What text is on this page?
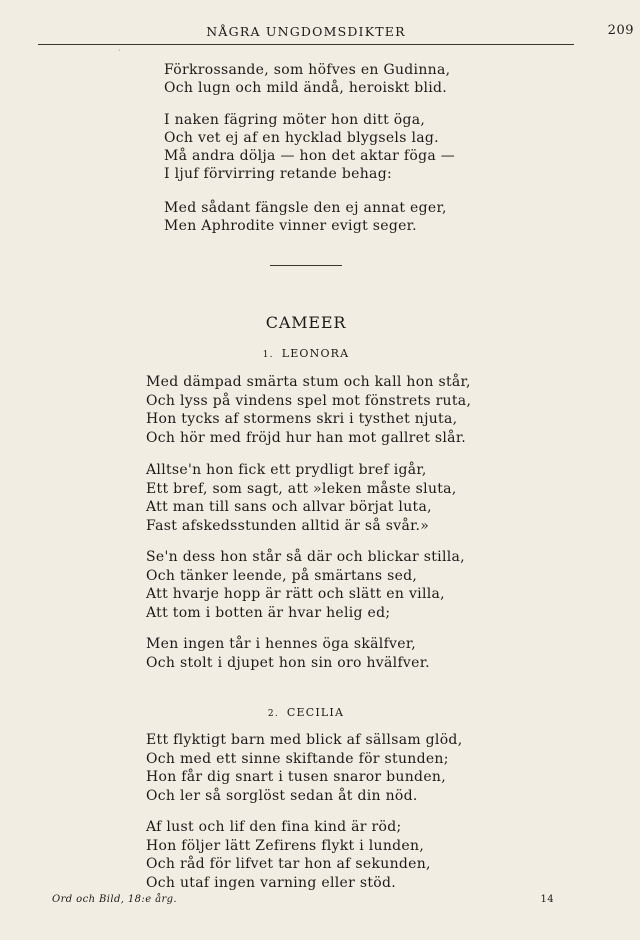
NÅGRA UNGDOMSDIKTER	209
‘
Förkrossande, som höfves en Gudinna,
Och lugn och mild ändå, heroiskt blid.
I naken fägring möter hon ditt öga,
Och vet ej af en hycklad blygsels lag.
Må andra dölja — hon det aktar föga —
I ljuf förvirring retande behag:
Med sådant fängsle den ej annat eger,
Men Aphrodite vinner evigt seger.
CAMEER
1. LEONORA
Med dämpad smärta stum och kall hon står,
Och lyss på vindens spel mot fönstrets ruta,
Hon tycks af stormens skri i tysthet njuta,
Och hör med fröjd hur han mot gallret slår.
Alltse'n hon fick ett prydligt bref igår,
Ett bref, som sagt, att »leken måste sluta,
Att man till sans och allvar börjat luta,
Fast afskedsstunden alltid är så svår.»
Se'n dess hon står så där och blickar stilla,
Och tänker leende, på smärtans sed,
Att hvarje hopp är rätt och slätt en villa,
Att tom i botten är hvar helig ed;
Men ingen tår i hennes öga skälfver,
Och stolt i djupet hon sin oro hvälfver.
2. CECILIA
Ett flyktigt barn med blick af sällsam glöd,
Och med ett sinne skiftande för stunden;
Hon får dig snart i tusen snaror bunden,
Och ler så sorglöst sedan åt din nöd.
Af lust och lif den fina kind är röd;
Hon följer lätt Zefirens flykt i lunden,
Och råd för lifvet tar hon af sekunden,
Och utaf ingen varning eller stöd.
Ord och Bild, 18:e årg.	14
